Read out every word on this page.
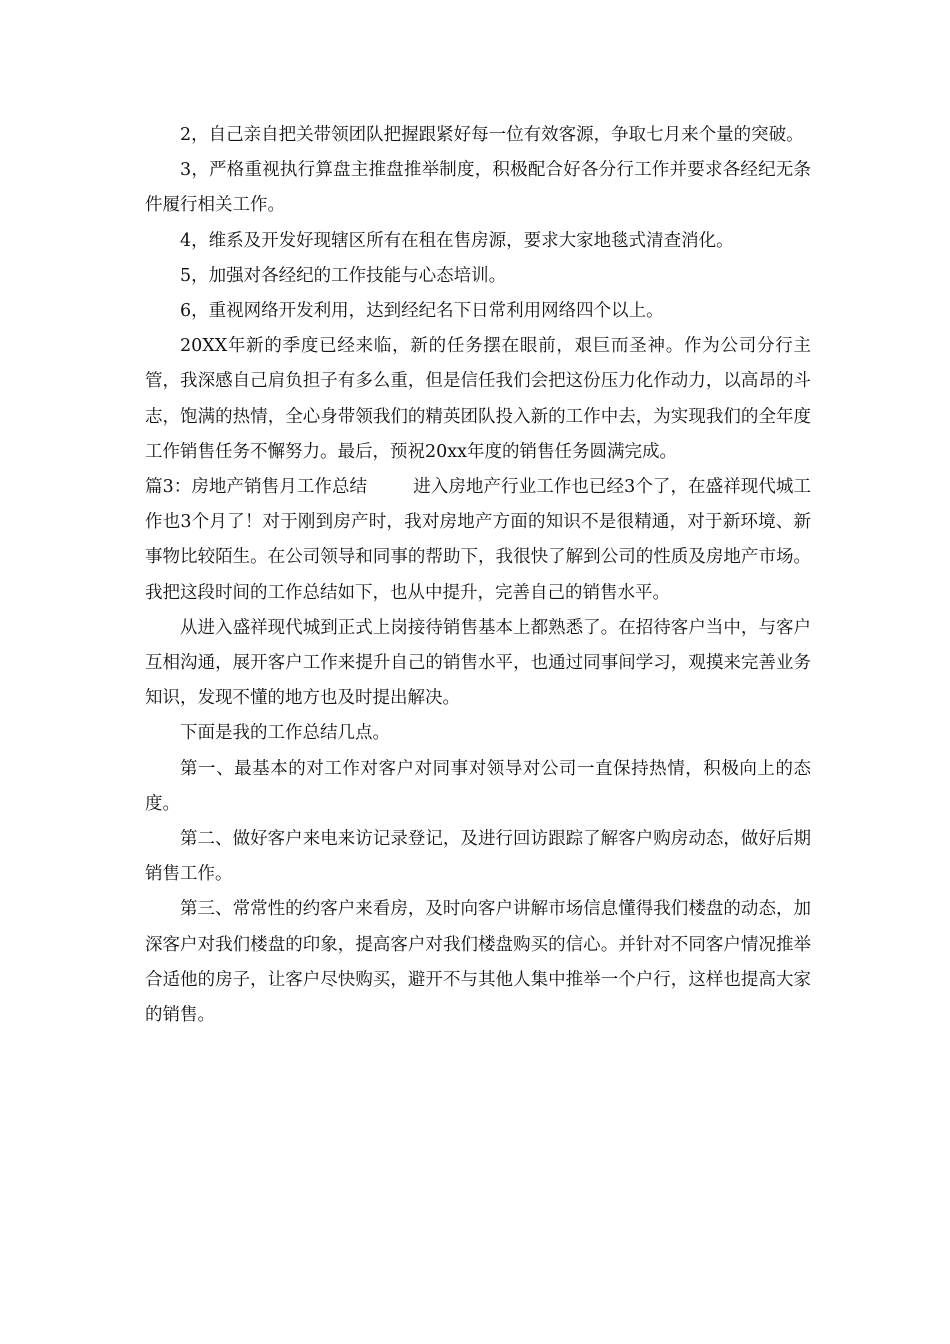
2，自己亲自把关带领团队把握跟紧好每一位有效客源，争取七月来个量的突破。

3，严格重视执行算盘主推盘推举制度，积极配合好各分行工作并要求各经纪无条件履行相关工作。

4，维系及开发好现辖区所有在租在售房源，要求大家地毯式清查消化。

5，加强对各经纪的工作技能与心态培训。

6，重视网络开发利用，达到经纪名下日常利用网络四个以上。

20XX年新的季度已经来临，新的任务摆在眼前，艰巨而圣神。作为公司分行主管，我深感自己肩负担子有多么重，但是信任我们会把这份压力化作动力，以高昂的斗志，饱满的热情，全心身带领我们的精英团队投入新的工作中去，为实现我们的全年度工作销售任务不懈努力。最后，预祝20xx年度的销售任务圆满完成。

篇3：房地产销售月工作总结	进入房地产行业工作也已经3个了，在盛祥现代城工作也3个月了！对于刚到房产时，我对房地产方面的知识不是很精通，对于新环境、新事物比较陌生。在公司领导和同事的帮助下，我很快了解到公司的性质及房地产市场。我把这段时间的工作总结如下，也从中提升，完善自己的销售水平。

从进入盛祥现代城到正式上岗接待销售基本上都熟悉了。在招待客户当中，与客户互相沟通，展开客户工作来提升自己的销售水平，也通过同事间学习，观摸来完善业务知识，发现不懂的地方也及时提出解决。

下面是我的工作总结几点。

第一、最基本的对工作对客户对同事对领导对公司一直保持热情，积极向上的态度。

第二、做好客户来电来访记录登记，及进行回访跟踪了解客户购房动态，做好后期销售工作。

第三、常常性的约客户来看房，及时向客户讲解市场信息懂得我们楼盘的动态，加深客户对我们楼盘的印象，提高客户对我们楼盘购买的信心。并针对不同客户情况推举合适他的房子，让客户尽快购买，避开不与其他人集中推举一个户行，这样也提高大家的销售。
